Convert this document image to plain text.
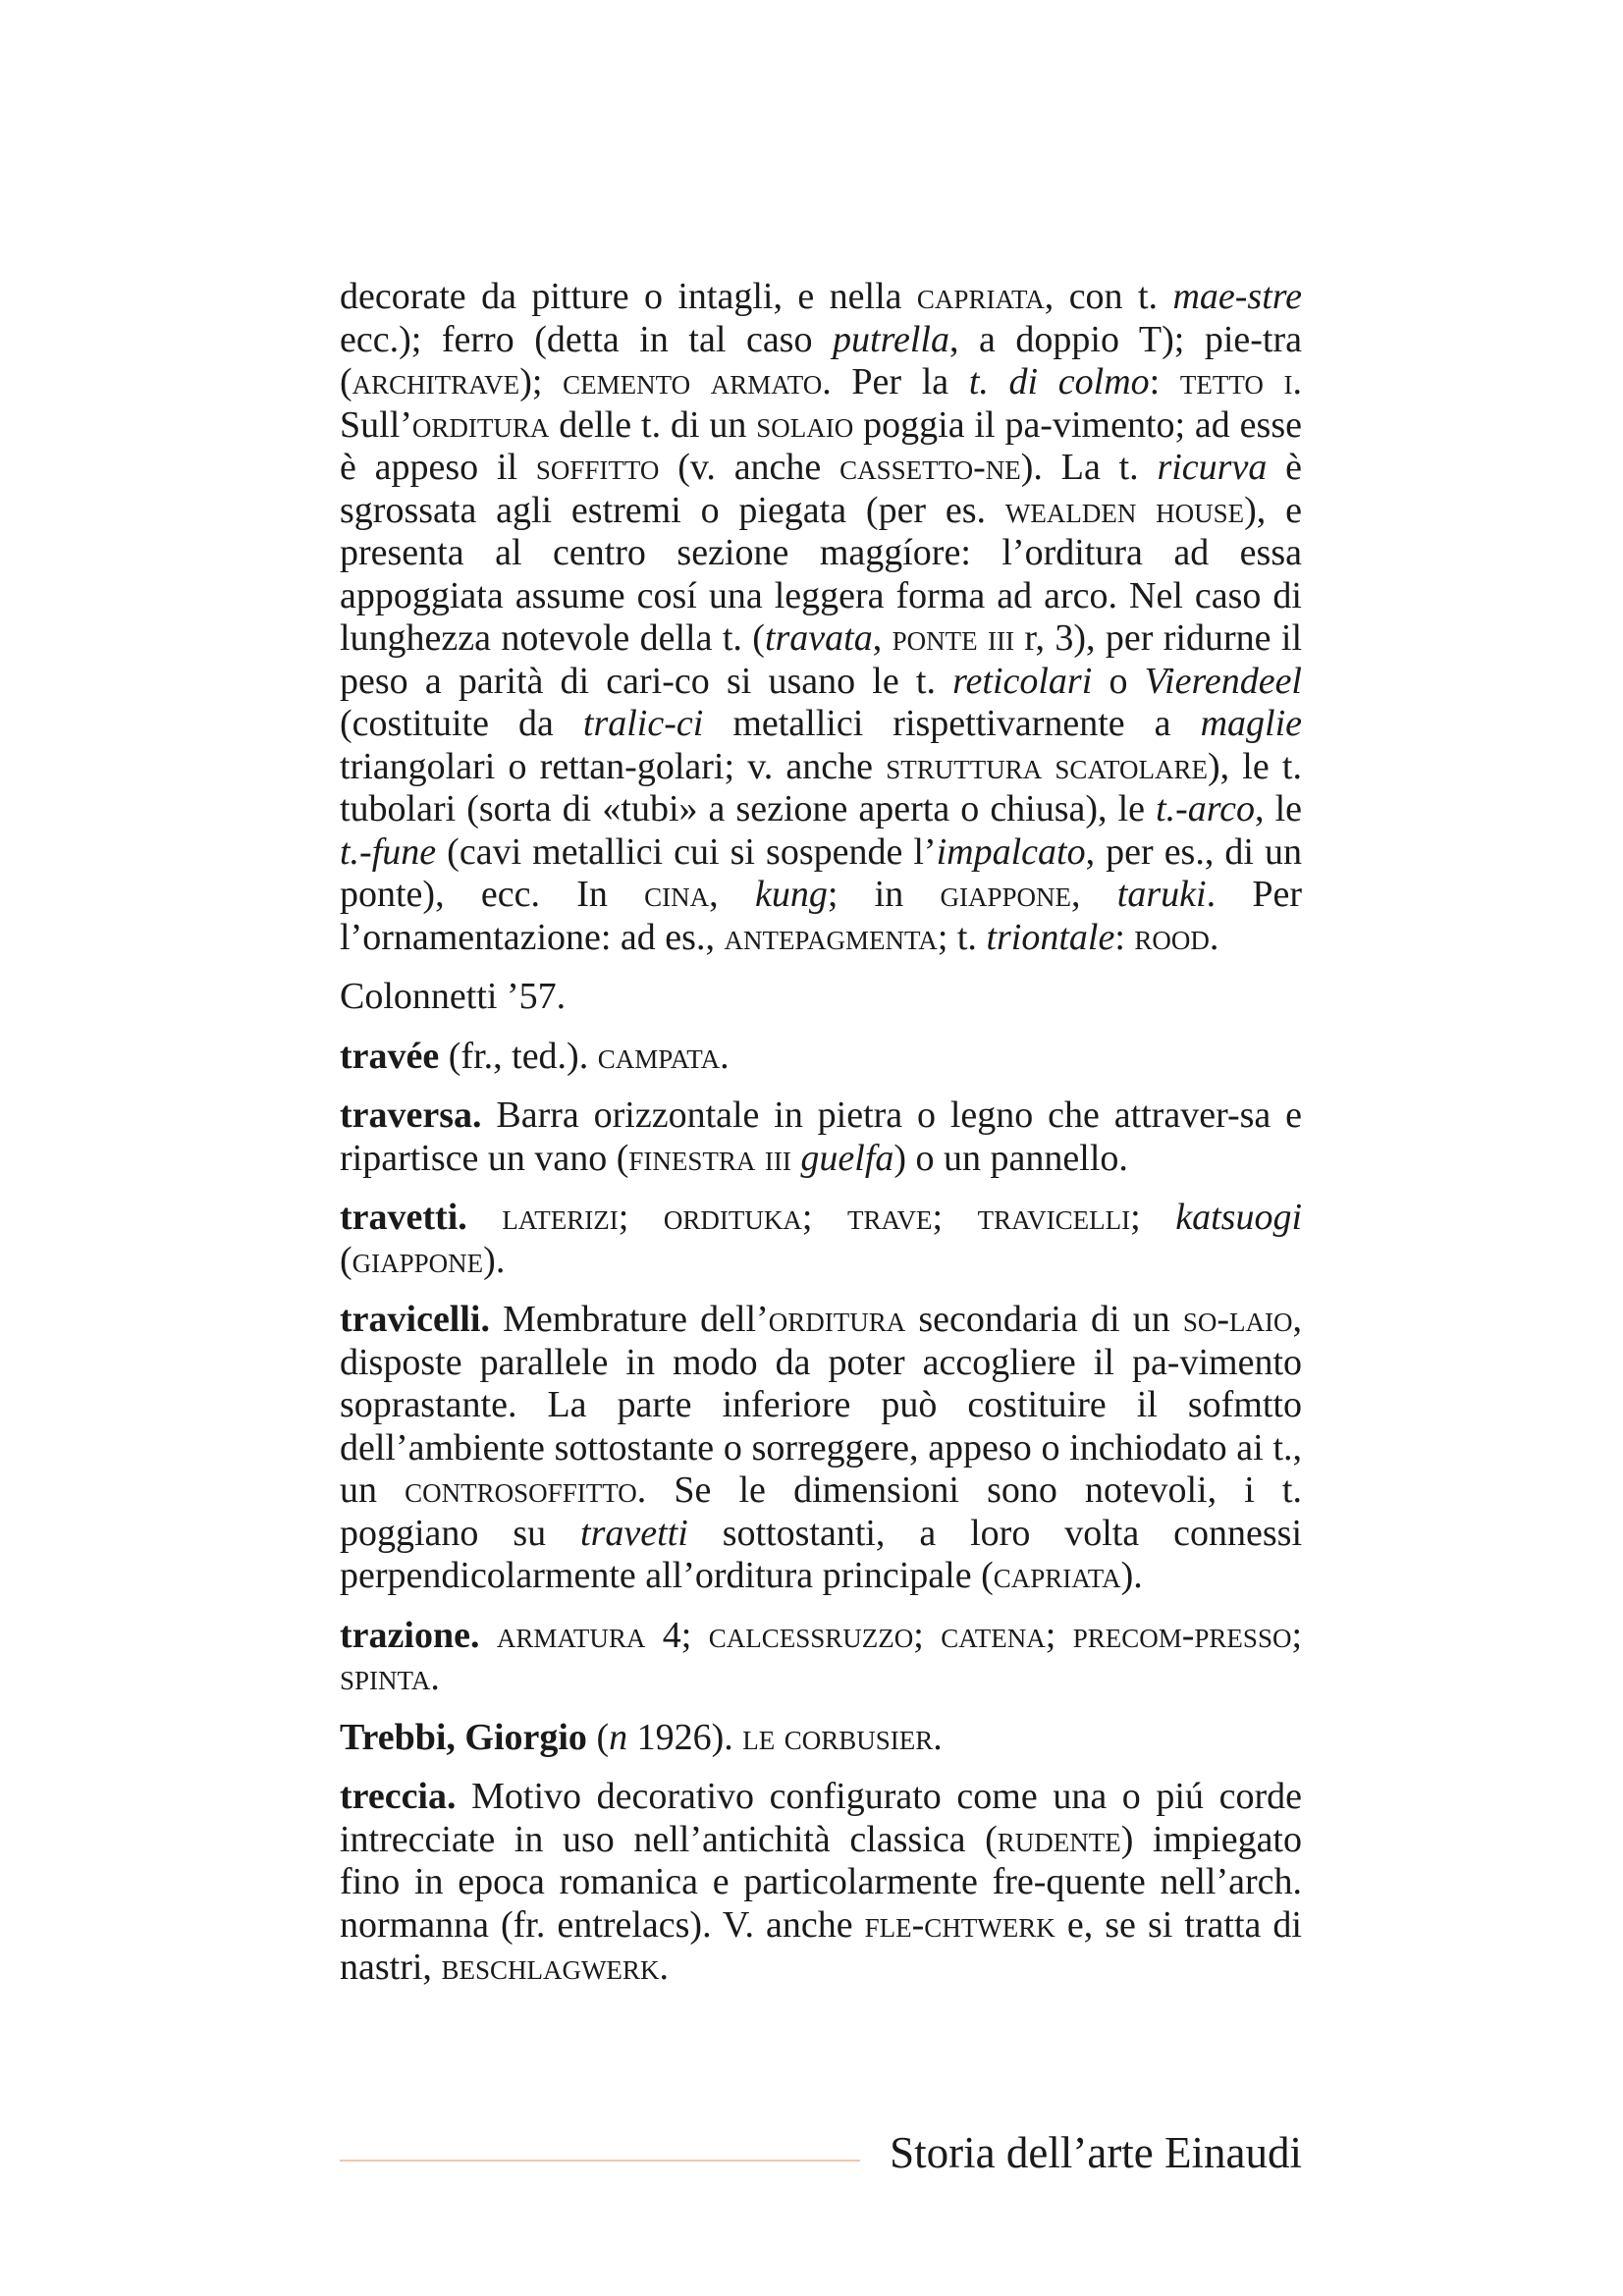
decorate da pitture o intagli, e nella capriata, con t. mae-stre ecc.); ferro (detta in tal caso putrella, a doppio T); pie-tra (architrave); cemento armato. Per la t. di colmo: tetto i. Sull’orditura delle t. di un solaio poggia il pa-vimento; ad esse è appeso il soffitto (v. anche cassetto-ne). La t. ricurva è sgrossata agli estremi o piegata (per es. wealden house), e presenta al centro sezione maggíore: l’orditura ad essa appoggiata assume cosí una leggera forma ad arco. Nel caso di lunghezza notevole della t. (travata, ponte iii r, 3), per ridurne il peso a parità di cari-co si usano le t. reticolari o Vierendeel (costituite da tralic-ci metallici rispettivarnente a maglie triangolari o rettan-golari; v. anche struttura scatolare), le t. tubolari (sorta di «tubi» a sezione aperta o chiusa), le t.-arco, le t.-fune (cavi metallici cui si sospende l’impalcato, per es., di un ponte), ecc. In cina, kung; in giappone, taruki. Per l’ornamentazione: ad es., antepagmenta; t. triontale: rood.

Colonnetti ’57.

travée (fr., ted.). campata.

traversa. Barra orizzontale in pietra o legno che attraver-sa e ripartisce un vano (finestra iii guelfa) o un pannello.

travetti. laterizi; ordituka; trave; travicelli; katsuogi (giappone).

travicelli. Membrature dell’orditura secondaria di un so-laio, disposte parallele in modo da poter accogliere il pa-vimento soprastante. La parte inferiore può costituire il sofmtto dell’ambiente sottostante o sorreggere, appeso o inchiodato ai t., un controsoffitto. Se le dimensioni sono notevoli, i t. poggiano su travetti sottostanti, a loro volta connessi perpendicolarmente all’orditura principale (capriata).

trazione. armatura 4; calcessruzzo; catena; precom-presso; spinta.

Trebbi, Giorgio (n 1926). le corbusier.

treccia. Motivo decorativo configurato come una o piú corde intrecciate in uso nell’antichità classica (rudente) impiegato fino in epoca romanica e particolarmente fre-quente nell’arch. normanna (fr. entrelacs). V. anche fle-chtwerk e, se si tratta di nastri, beschlagwerk.

Storia dell’arte Einaudi
